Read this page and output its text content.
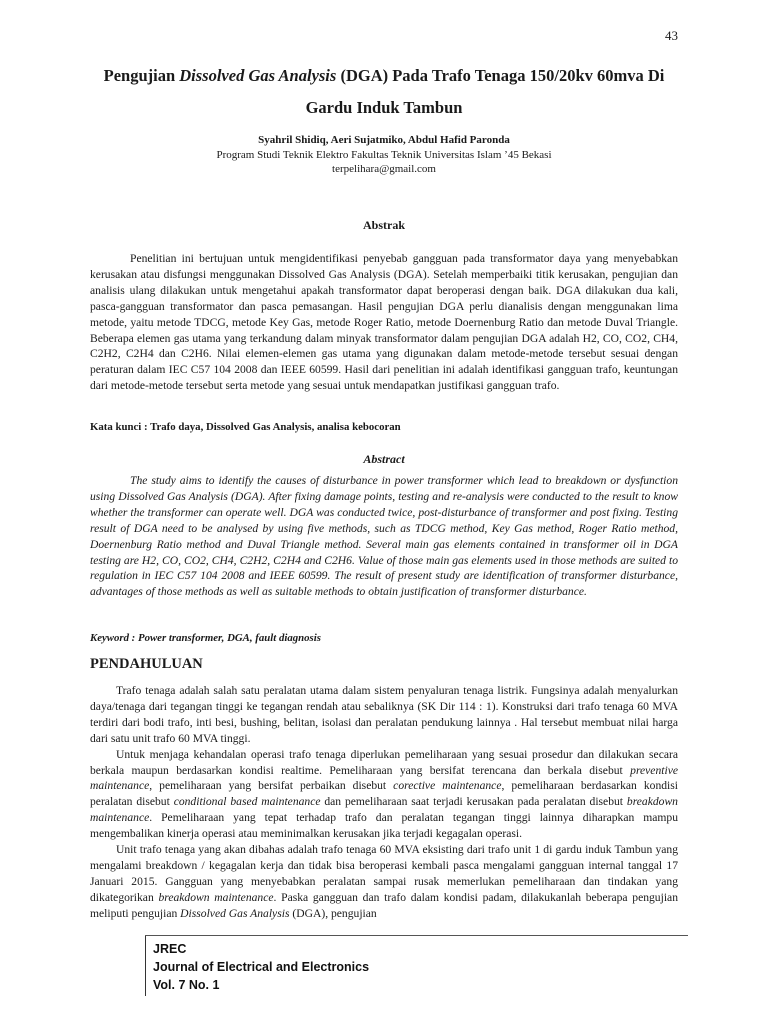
43
Pengujian Dissolved Gas Analysis (DGA) Pada Trafo Tenaga 150/20kv 60mva Di
Gardu Induk Tambun
Syahril Shidiq, Aeri Sujatmiko, Abdul Hafid Paronda
Program Studi Teknik Elektro Fakultas Teknik Universitas Islam ’45 Bekasi
terpelihara@gmail.com
Abstrak

Penelitian ini bertujuan untuk mengidentifikasi penyebab gangguan pada transformator daya yang menyebabkan kerusakan atau disfungsi menggunakan Dissolved Gas Analysis (DGA). Setelah memperbaiki titik kerusakan, pengujian dan analisis ulang dilakukan untuk mengetahui apakah transformator dapat beroperasi dengan baik. DGA dilakukan dua kali, pasca-gangguan transformator dan pasca pemasangan. Hasil pengujian DGA perlu dianalisis dengan menggunakan lima metode, yaitu metode TDCG, metode Key Gas, metode Roger Ratio, metode Doernenburg Ratio dan metode Duval Triangle. Beberapa elemen gas utama yang terkandung dalam minyak transformator dalam pengujian DGA adalah H2, CO, CO2, CH4, C2H2, C2H4 dan C2H6. Nilai elemen-elemen gas utama yang digunakan dalam metode-metode tersebut sesuai dengan peraturan dalam IEC C57 104 2008 dan IEEE 60599. Hasil dari penelitian ini adalah identifikasi gangguan trafo, keuntungan dari metode-metode tersebut serta metode yang sesuai untuk mendapatkan justifikasi gangguan trafo.

Kata kunci : Trafo daya, Dissolved Gas Analysis, analisa kebocoran
Abstract

The study aims to identify the causes of disturbance in power transformer which lead to breakdown or dysfunction using Dissolved Gas Analysis (DGA). After fixing damage points, testing and re-analysis were conducted to the result to know whether the transformer can operate well. DGA was conducted twice, post-disturbance of transformer and post fixing. Testing result of DGA need to be analysed by using five methods, such as TDCG method, Key Gas method, Roger Ratio method, Doernenburg Ratio method and Duval Triangle method. Several main gas elements contained in transformer oil in DGA testing are H2, CO, CO2, CH4, C2H2, C2H4 and C2H6. Value of those main gas elements used in those methods are suited to regulation in IEC C57 104 2008 and IEEE 60599. The result of present study are identification of transformer disturbance, advantages of those methods as well as suitable methods to obtain justification of transformer disturbance.

Keyword : Power transformer, DGA, fault diagnosis
PENDAHULUAN

Trafo tenaga adalah salah satu peralatan utama dalam sistem penyaluran tenaga listrik. Fungsinya adalah menyalurkan daya/tenaga dari tegangan tinggi ke tegangan rendah atau sebaliknya (SK Dir 114 : 1). Konstruksi dari trafo tenaga 60 MVA terdiri dari bodi trafo, inti besi, bushing, belitan, isolasi dan peralatan pendukung lainnya . Hal tersebut membuat nilai harga dari satu unit trafo 60 MVA tinggi.

Untuk menjaga kehandalan operasi trafo tenaga diperlukan pemeliharaan yang sesuai prosedur dan dilakukan secara berkala maupun berdasarkan kondisi realtime. Pemeliharaan yang bersifat terencana dan berkala disebut preventive maintenance, pemeliharaan yang bersifat perbaikan disebut corective maintenance, pemeliharaan berdasarkan kondisi peralatan disebut conditional based maintenance dan pemeliharaan saat terjadi kerusakan pada peralatan disebut breakdown maintenance. Pemeliharaan yang tepat terhadap trafo dan peralatan tegangan tinggi lainnya diharapkan mampu mengembalikan kinerja operasi atau meminimalkan kerusakan jika terjadi kegagalan operasi.

Unit trafo tenaga yang akan dibahas adalah trafo tenaga 60 MVA eksisting dari trafo unit 1 di gardu induk Tambun yang mengalami breakdown / kegagalan kerja dan tidak bisa beroperasi kembali pasca mengalami gangguan internal tanggal 17 Januari 2015. Gangguan yang menyebabkan peralatan sampai rusak memerlukan pemeliharaan dan tindakan yang dikategorikan breakdown maintenance. Paska gangguan dan trafo dalam kondisi padam, dilakukanlah beberapa pengujian meliputi pengujian Dissolved Gas Analysis (DGA), pengujian

JREC
Journal of Electrical and Electronics
Vol. 7 No. 1
